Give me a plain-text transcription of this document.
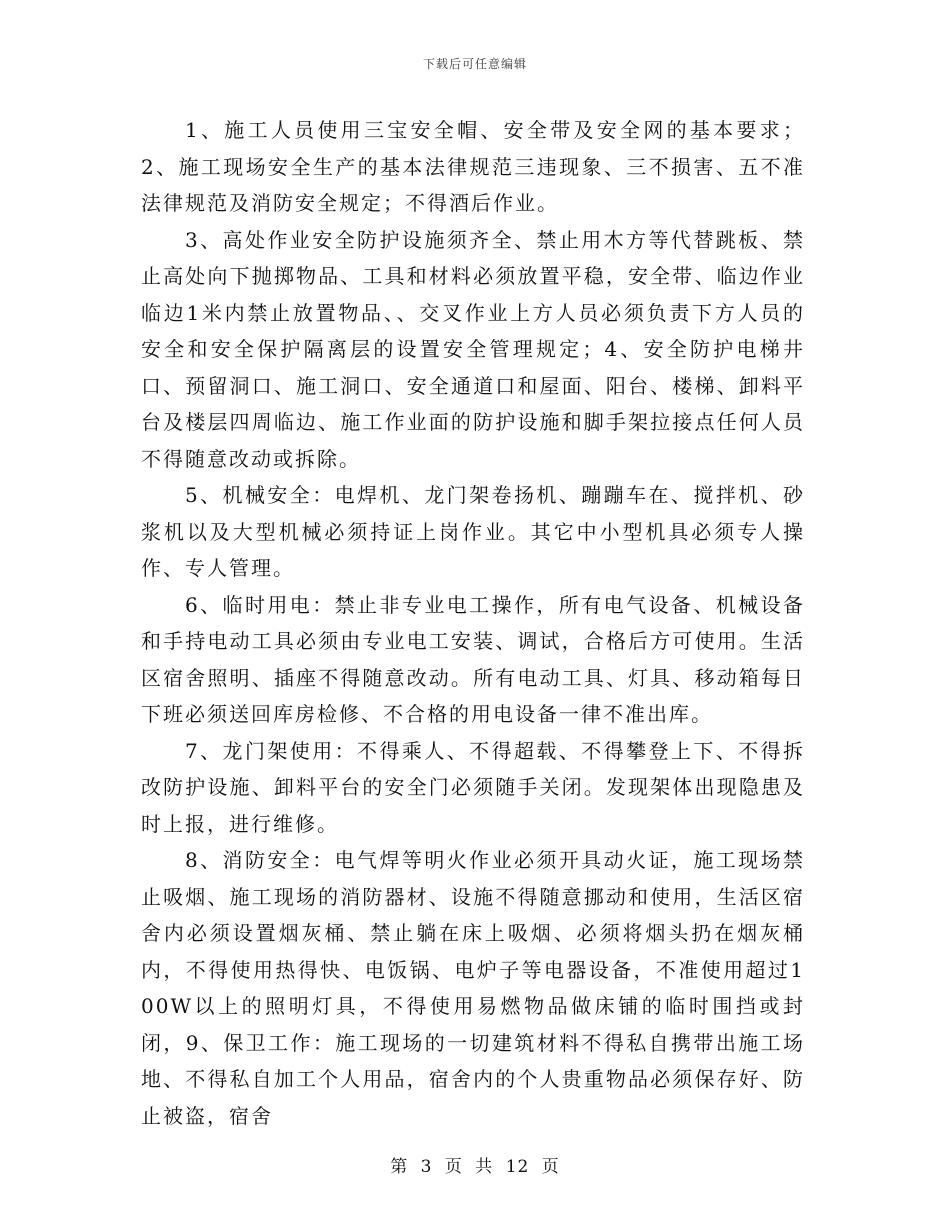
下载后可任意编辑

1、施工人员使用三宝安全帽、安全带及安全网的基本要求；2、施工现场安全生产的基本法律规范三违现象、三不损害、五不准法律规范及消防安全规定；不得酒后作业。

3、高处作业安全防护设施须齐全、禁止用木方等代替跳板、禁止高处向下抛掷物品、工具和材料必须放置平稳，安全带、临边作业临边1米内禁止放置物品、、交叉作业上方人员必须负责下方人员的安全和安全保护隔离层的设置安全管理规定；4、安全防护电梯井口、预留洞口、施工洞口、安全通道口和屋面、阳台、楼梯、卸料平台及楼层四周临边、施工作业面的防护设施和脚手架拉接点任何人员不得随意改动或拆除。

5、机械安全：电焊机、龙门架卷扬机、蹦蹦车在、搅拌机、砂浆机以及大型机械必须持证上岗作业。其它中小型机具必须专人操作、专人管理。

6、临时用电：禁止非专业电工操作，所有电气设备、机械设备和手持电动工具必须由专业电工安装、调试，合格后方可使用。生活区宿舍照明、插座不得随意改动。所有电动工具、灯具、移动箱每日下班必须送回库房检修、不合格的用电设备一律不准出库。

7、龙门架使用：不得乘人、不得超载、不得攀登上下、不得拆改防护设施、卸料平台的安全门必须随手关闭。发现架体出现隐患及时上报，进行维修。

8、消防安全：电气焊等明火作业必须开具动火证，施工现场禁止吸烟、施工现场的消防器材、设施不得随意挪动和使用，生活区宿舍内必须设置烟灰桶、禁止躺在床上吸烟、必须将烟头扔在烟灰桶内，不得使用热得快、电饭锅、电炉子等电器设备，不准使用超过100W以上的照明灯具，不得使用易燃物品做床铺的临时围挡或封闭，9、保卫工作：施工现场的一切建筑材料不得私自携带出施工场地、不得私自加工个人用品，宿舍内的个人贵重物品必须保存好、防止被盗，宿舍

第 3 页 共 12 页
